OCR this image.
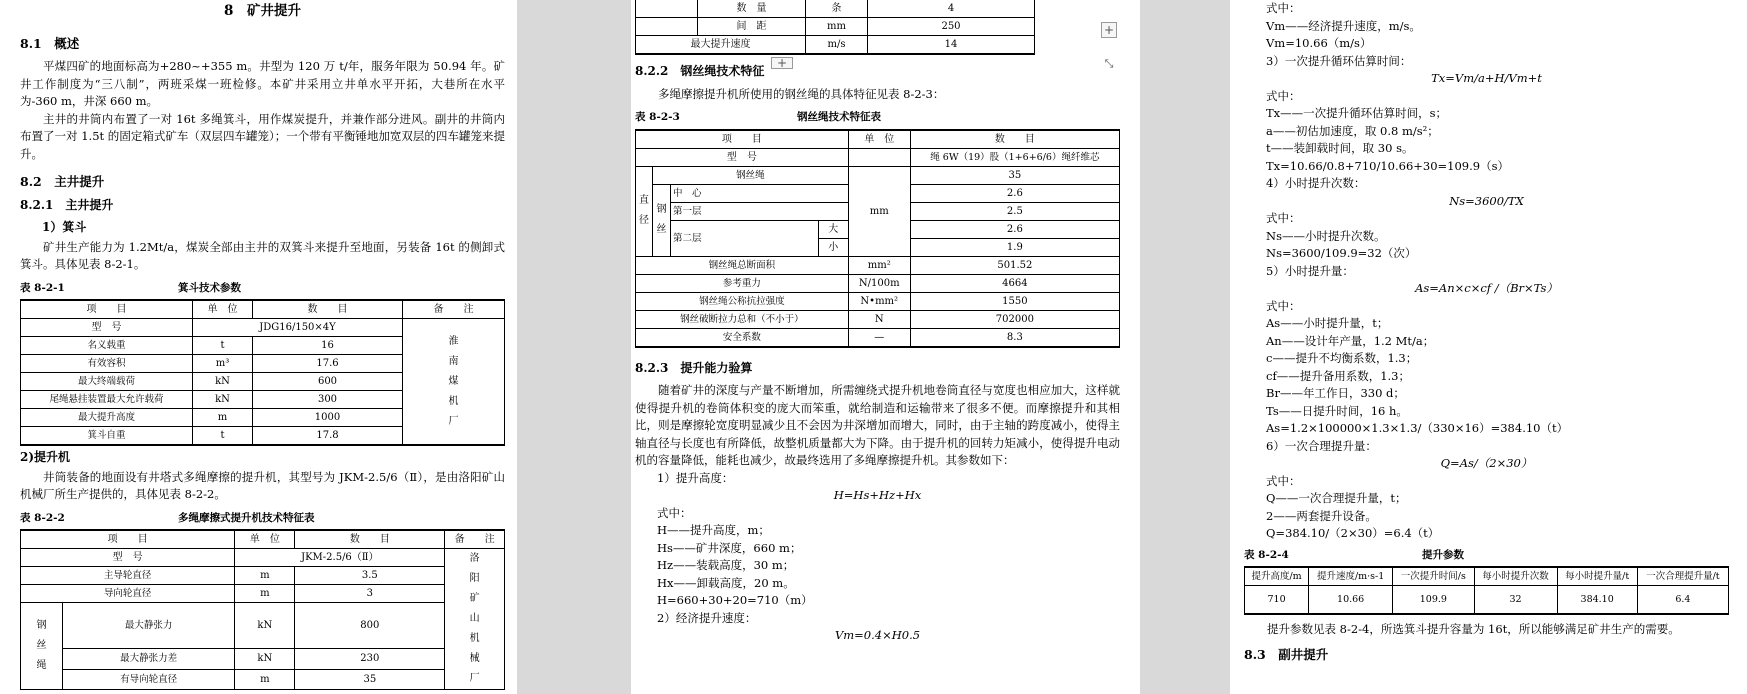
8　矿井提升
8.1　概述
平煤四矿的地面标高为+280~+355 m。井型为 120 万 t/年，服务年限为 50.94 年。矿井工作制度为“三八制”，两班采煤一班检修。本矿井采用立井单水平开拓，大巷所在水平为-360 m，井深 660 m。
主井的井筒内布置了一对 16t 多绳箕斗，用作煤炭提升，并兼作部分进风。副井的井筒内布置了一对 1.5t 的固定箱式矿车（双层四车罐笼）；一个带有平衡锤地加宽双层的四车罐笼来提升。
8.2　主井提升
8.2.1　主井提升
1）箕斗
矿井生产能力为 1.2Mt/a，煤炭全部由主井的双箕斗来提升至地面，另装备 16t 的侧卸式箕斗。具体见表 8-2-1。
表 8-2-1	箕斗技术参数
项　　目	单　位	数　　目	备　　注
型　号	JDG16/150×4Y		淮南煤机厂

名义载重	t	16	
有效容积	m³	17.6	
最大终端载荷	kN	600	
尾绳悬挂装置最大允许载荷	kN	300	
最大提升高度	m	1000	
箕斗自重	t	17.8	
2)提升机
井筒装备的地面设有井塔式多绳摩擦的提升机，其型号为 JKM-2.5/6（Ⅱ），是由洛阳矿山机械厂所生产提供的，具体见表 8-2-2。
表 8-2-2	多绳摩擦式提升机技术特征表
项　　目		单　位	数　　目	备　　注
型　号		JKM-2.5/6（Ⅱ）		洛阳矿山机械厂

主导轮直径		m	3.5	
导向轮直径		m	3	

钢丝绳	最大静张力	kN	800	
	最大静张力差	kN	230	
	有导向轮直径	m	35	
	数　量	条	4
	间　距	mm	250
最大提升速度		m/s	14
+
+	⤡
8.2.2　钢丝绳技术特征
多绳摩擦提升机所使用的钢丝绳的具体特征见表 8-2-3：
表 8-2-3	钢丝绳技术特征表
项　　目				单　位	数　　目
型　号					绳 6W（19）股（1+6+6/6）绳纤维芯

直径	钢丝绳			mm	35

	钢丝	中　心			2.6
		第一层			2.5
		第二层	大		2.6
			小		1.9
钢丝绳总断面积				mm²	501.52
参考重力				N/100m	4664
钢丝绳公称抗拉强度				N•mm²	1550
钢丝破断拉力总和（不小于）				N	702000
安全系数				—	8.3
8.2.3　提升能力验算
随着矿井的深度与产量不断增加，所需缠绕式提升机地卷筒直径与宽度也相应加大，这样就使得提升机的卷筒体积变的庞大而笨重，就给制造和运输带来了很多不便。而摩擦提升和其相比，则是摩擦轮宽度明显减少且不会因为井深增加而增大，同时，由于主轴的跨度减小，使得主轴直径与长度也有所降低，故整机质量都大为下降。由于提升机的回转力矩减小，使得提升电动机的容量降低，能耗也减少，故最终选用了多绳摩擦提升机。其参数如下：
1）提升高度：
H=Hs+Hz+Hx
式中：
H——提升高度，m；
Hs——矿井深度，660 m；
Hz——装载高度，30 m；
Hx——卸载高度，20 m。
H=660+30+20=710（m）
2）经济提升速度：
Vm=0.4×H0.5
式中：
Vm——经济提升速度，m/s。
Vm=10.66（m/s）
3）一次提升循环估算时间：
Tx=Vm/a+H/Vm+t
式中：
Tx——一次提升循环估算时间，s；
a——初估加速度，取 0.8 m/s²；
t——装卸载时间，取 30 s。
Tx=10.66/0.8+710/10.66+30=109.9（s）
4）小时提升次数：
Ns=3600/TX
式中：
Ns——小时提升次数。
Ns=3600/109.9=32（次）
5）小时提升量：
As=An×c×cf /（Br×Ts）
式中：
As——小时提升量，t；
An——设计年产量，1.2 Mt/a；
c——提升不均衡系数，1.3；
cf——提升备用系数，1.3；
Br——年工作日，330 d；
Ts——日提升时间，16 h。
As=1.2×100000×1.3×1.3/（330×16）=384.10（t）
6）一次合理提升量：
Q=As/（2×30）
式中：
Q——一次合理提升量，t；
2——两套提升设备。
Q=384.10/（2×30）=6.4（t）
表 8-2-4	提升参数
提升高度/m	提升速度/m·s-1	一次提升时间/s	每小时提升次数	每小时提升量/t	一次合理提升量/t
710	10.66	109.9	32	384.10	6.4
提升参数见表 8-2-4，所选箕斗提升容量为 16t，所以能够满足矿井生产的需要。
8.3　副井提升
